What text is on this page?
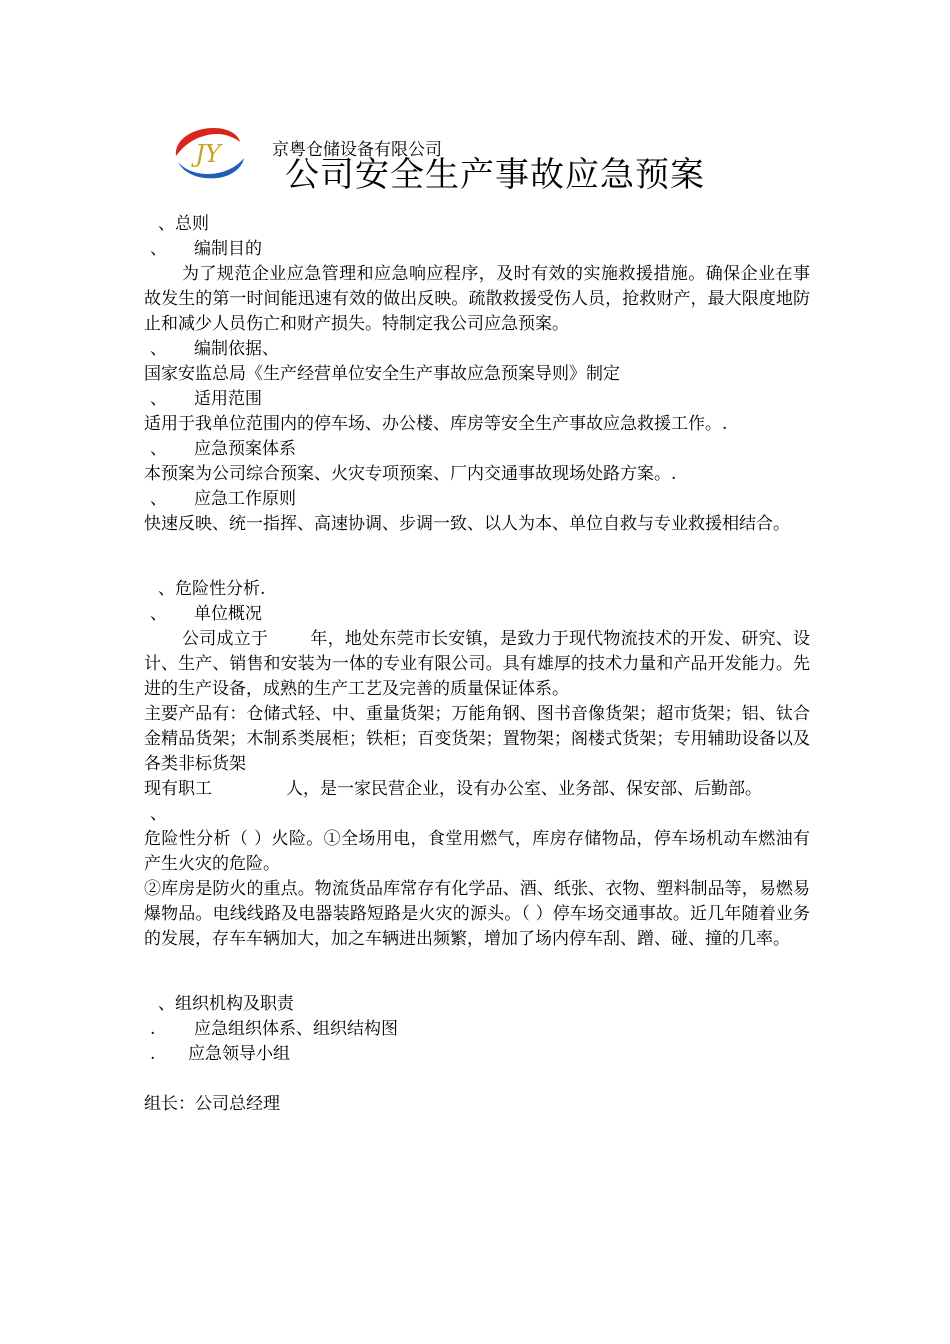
JY	京粤仓储设备有限公司
公司安全生产事故应急预案

、总则

、 编制目的

为了规范企业应急管理和应急响应程序，及时有效的实施救援措施。确保企业在事故发生的第一时间能迅速有效的做出反映。疏散救援受伤人员，抢救财产，最大限度地防止和减少人员伤亡和财产损失。特制定我公司应急预案。

、 编制依据、

国家安监总局《生产经营单位安全生产事故应急预案导则》制定

、 适用范围

适用于我单位范围内的停车场、办公楼、库房等安全生产事故应急救援工作。.

、 应急预案体系

本预案为公司综合预案、火灾专项预案、厂内交通事故现场处路方案。.

、 应急工作原则

快速反映、统一指挥、高速协调、步调一致、以人为本、单位自救与专业救援相结合。

、危险性分析.

、 单位概况

公司成立于 年，地处东莞市长安镇，是致力于现代物流技术的开发、研究、设计、生产、销售和安装为一体的专业有限公司。具有雄厚的技术力量和产品开发能力。先进的生产设备，成熟的生产工艺及完善的质量保证体系。

主要产品有：仓储式轻、中、重量货架；万能角钢、图书音像货架；超市货架；铝、钛合金精品货架；木制系类展柜；铁柜；百变货架；置物架；阁楼式货架；专用辅助设备以及各类非标货架

现有职工	人，是一家民营企业，设有办公室、业务部、保安部、后勤部。

、

危险性分析（ ）火险。①全场用电，食堂用燃气，库房存储物品，停车场机动车燃油有产生火灾的危险。

②库房是防火的重点。物流货品库常存有化学品、酒、纸张、衣物、塑料制品等，易燃易爆物品。电线线路及电器装路短路是火灾的源头。（ ）停车场交通事故。近几年随着业务的发展，存车车辆加大，加之车辆进出频繁，增加了场内停车刮、蹭、碰、撞的几率。

、组织机构及职责

. 应急组织体系、组织结构图

. 应急领导小组

组长：公司总经理
